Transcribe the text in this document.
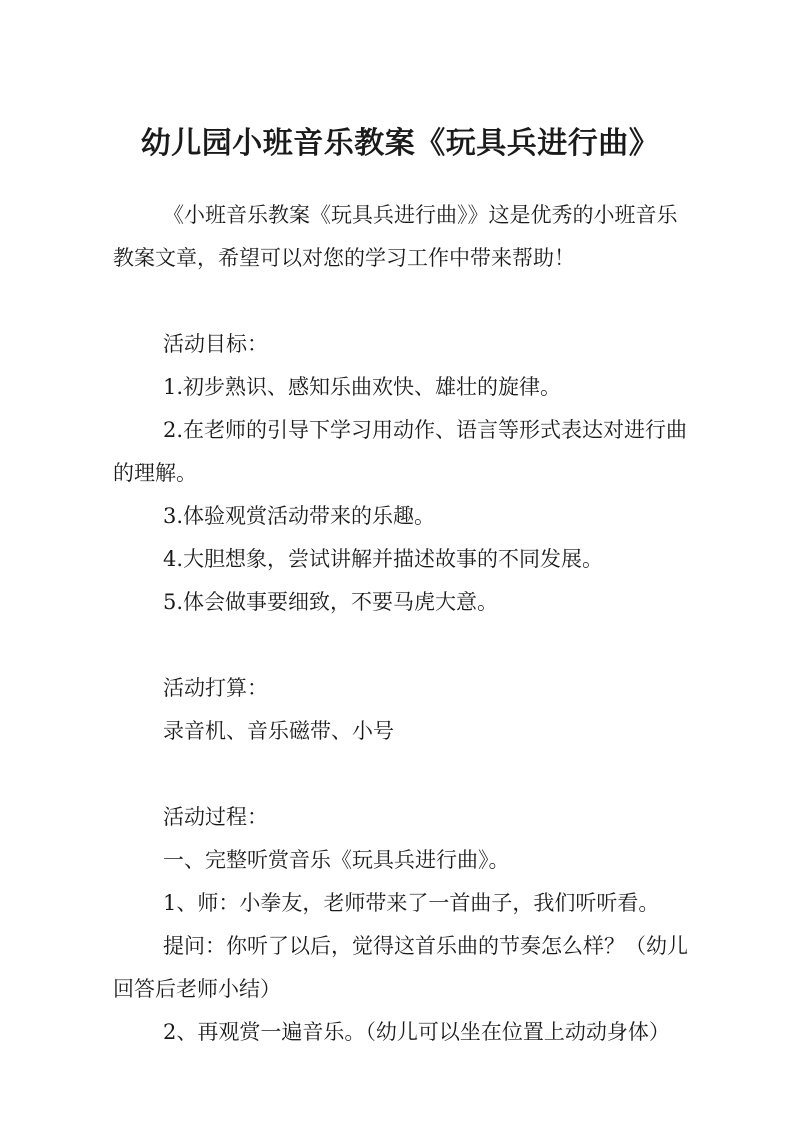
幼儿园小班音乐教案《玩具兵进行曲》

《小班音乐教案《玩具兵进行曲》》这是优秀的小班音乐教案文章，希望可以对您的学习工作中带来帮助！

活动目标：

1.初步熟识、感知乐曲欢快、雄壮的旋律。

2.在老师的引导下学习用动作、语言等形式表达对进行曲的理解。

3.体验观赏活动带来的乐趣。

4.大胆想象，尝试讲解并描述故事的不同发展。

5.体会做事要细致，不要马虎大意。

活动打算：

录音机、音乐磁带、小号

活动过程：

一、完整听赏音乐《玩具兵进行曲》。

1、师：小拳友，老师带来了一首曲子，我们听听看。

提问：你听了以后，觉得这首乐曲的节奏怎么样？（幼儿回答后老师小结）

2、再观赏一遍音乐。（幼儿可以坐在位置上动动身体）
